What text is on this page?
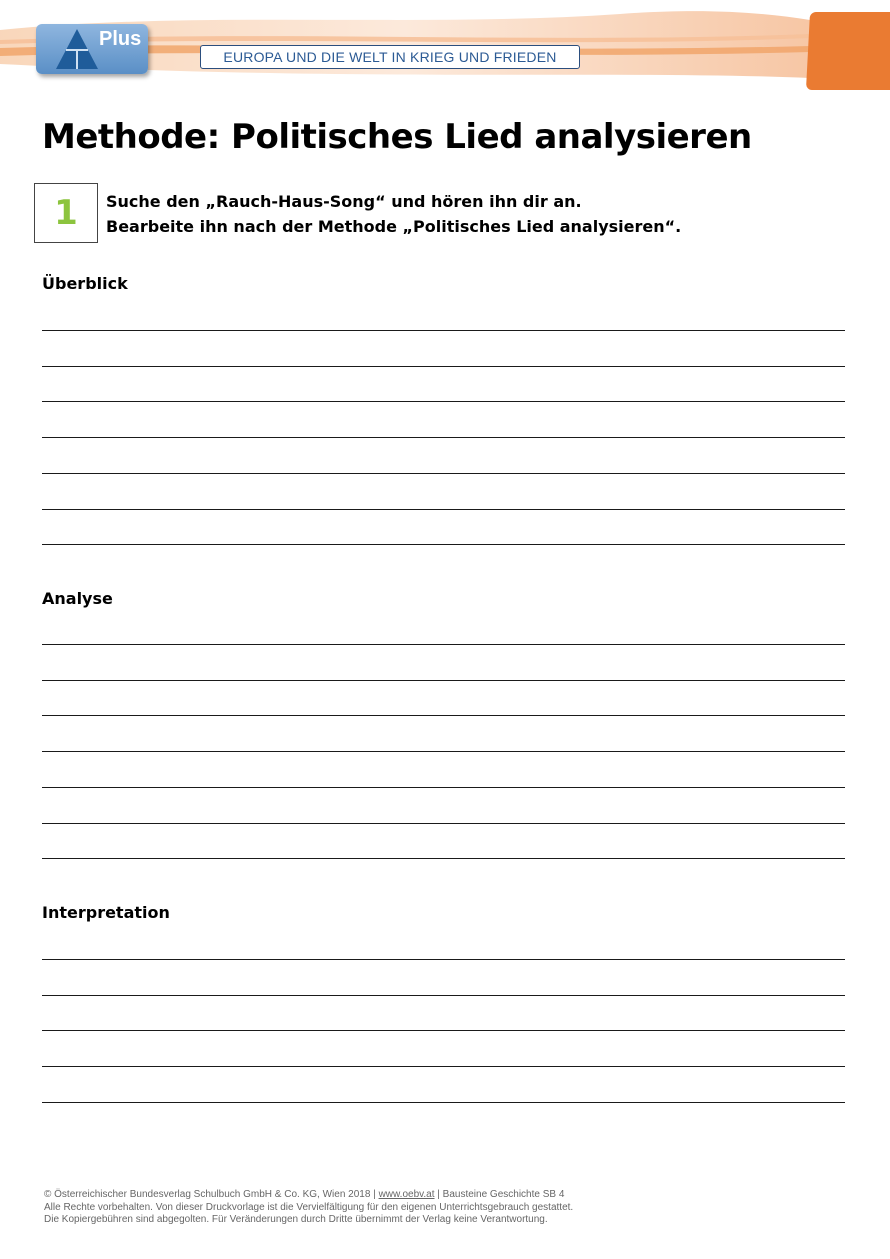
Plus
EUROPA UND DIE WELT IN KRIEG UND FRIEDEN
Methode: Politisches Lied analysieren
1	Suche den „Rauch-Haus-Song“ und hören ihn dir an.
Bearbeite ihn nach der Methode „Politisches Lied analysieren“.
Überblick
Analyse
Interpretation
© Österreichischer Bundesverlag Schulbuch GmbH & Co. KG, Wien 2018 | www.oebv.at | Bausteine Geschichte SB 4
Alle Rechte vorbehalten. Von dieser Druckvorlage ist die Vervielfältigung für den eigenen Unterrichtsgebrauch gestattet.
Die Kopiergebühren sind abgegolten. Für Veränderungen durch Dritte übernimmt der Verlag keine Verantwortung.
